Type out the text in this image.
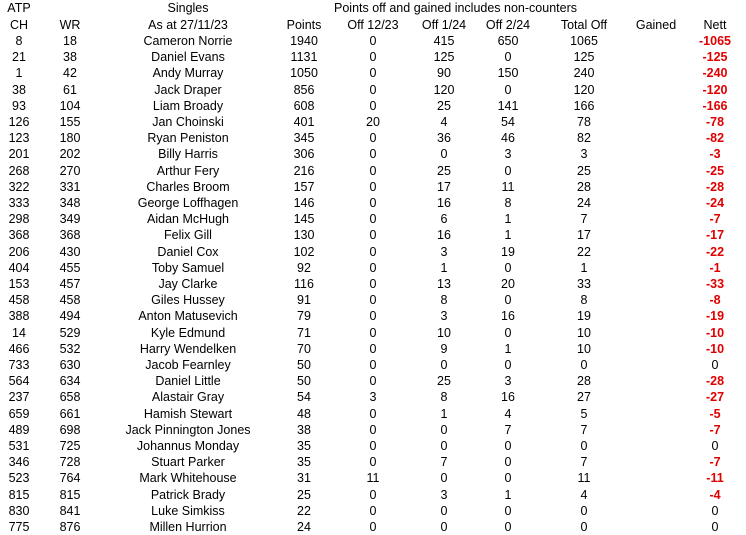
ATP		Singles		Points off and gained includes non-counters					
CH	WR	As at 27/11/23	Points	Off 12/23	Off 1/24	Off 2/24	Total Off	Gained	Nett
8	18	Cameron Norrie	1940	0	415	650	1065		-1065
21	38	Daniel Evans	1131	0	125	0	125		-125
1	42	Andy Murray	1050	0	90	150	240		-240
38	61	Jack Draper	856	0	120	0	120		-120
93	104	Liam Broady	608	0	25	141	166		-166
126	155	Jan Choinski	401	20	4	54	78		-78
123	180	Ryan Peniston	345	0	36	46	82		-82
201	202	Billy Harris	306	0	0	3	3		-3
268	270	Arthur Fery	216	0	25	0	25		-25
322	331	Charles Broom	157	0	17	11	28		-28
333	348	George Loffhagen	146	0	16	8	24		-24
298	349	Aidan McHugh	145	0	6	1	7		-7
368	368	Felix Gill	130	0	16	1	17		-17
206	430	Daniel Cox	102	0	3	19	22		-22
404	455	Toby Samuel	92	0	1	0	1		-1
153	457	Jay Clarke	116	0	13	20	33		-33
458	458	Giles Hussey	91	0	8	0	8		-8
388	494	Anton Matusevich	79	0	3	16	19		-19
14	529	Kyle Edmund	71	0	10	0	10		-10
466	532	Harry Wendelken	70	0	9	1	10		-10
733	630	Jacob Fearnley	50	0	0	0	0		0
564	634	Daniel Little	50	0	25	3	28		-28
237	658	Alastair Gray	54	3	8	16	27		-27
659	661	Hamish Stewart	48	0	1	4	5		-5
489	698	Jack Pinnington Jones	38	0	0	7	7		-7
531	725	Johannus Monday	35	0	0	0	0		0
346	728	Stuart Parker	35	0	7	0	7		-7
523	764	Mark Whitehouse	31	11	0	0	11		-11
815	815	Patrick Brady	25	0	3	1	4		-4
830	841	Luke Simkiss	22	0	0	0	0		0
775	876	Millen Hurrion	24	0	0	0	0		0
